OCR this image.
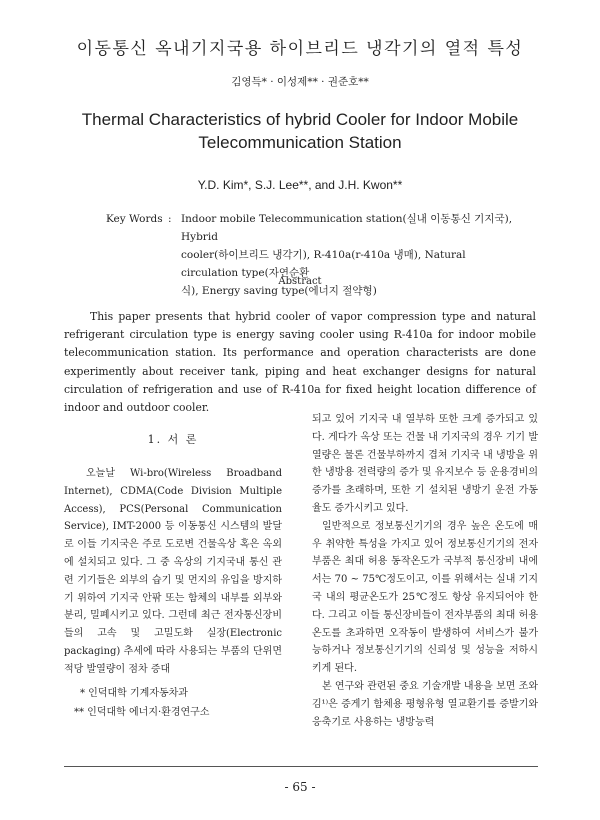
이동통신 옥내기지국용 하이브리드 냉각기의 열적 특성
김영득* · 이성제** · 권준호**
Thermal Characteristics of hybrid Cooler for Indoor Mobile
Telecommunication Station
Y.D. Kim*, S.J. Lee**, and J.H. Kwon**
Key Words : Indoor mobile Telecommunication station(실내 이동통신 기지국), Hybrid
cooler(하이브리드 냉각기), R-410a(r-410a 냉매), Natural circulation type(자연순환
식), Energy saving type(에너지 절약형)
Abstract

This paper presents that hybrid cooler of vapor compression type and natural refrigerant circulation type is energy saving cooler using R-410a for indoor mobile telecommunication station. Its performance and operation characterists are done experimently about receiver tank, piping and heat exchanger designs for natural circulation of refrigeration and use of R-410a for fixed height location difference of indoor and outdoor cooler.

1. 서 론

오늘날 Wi-bro(Wireless Broadband Internet), CDMA(Code Division Multiple Access), PCS(Personal Communication Service), IMT-2000 등 이동통신 시스템의 발달로 이들 기지국은 주로 도로변 건물옥상 혹은 옥외에 설치되고 있다. 그 중 옥상의 기지국내 통신 관련 기기들은 외부의 습기 및 먼지의 유입을 방지하기 위하여 기지국 안팎 또는 함체의 내부를 외부와 분리, 밀폐시키고 있다. 그런데 최근 전자통신장비들의 고속 및 고밀도화 실장(Electronic packaging) 추세에 따라 사용되는 부품의 단위면적당 발열량이 점차 증대

* 인덕대학 기계자동차과

** 인덕대학 에너지·환경연구소

되고 있어 기지국 내 열부하 또한 크게 증가되고 있다. 게다가 옥상 또는 건물 내 기지국의 경우 기기 발열량은 물론 건물부하까지 겹쳐 기지국 내 냉방을 위한 냉방용 전력량의 증가 및 유지보수 등 운용경비의 증가를 초래하며, 또한 기 설치된 냉방기 운전 가동율도 증가시키고 있다.

일반적으로 정보통신기기의 경우 높은 온도에 매우 취약한 특성을 가지고 있어 정보통신기기의 전자부품은 최대 허용 동작온도가 국부적 통신장비 내에서는 70 ~ 75℃정도이고, 이를 위해서는 실내 기지국 내의 평균온도가 25℃정도 항상 유지되어야 한다. 그리고 이들 통신장비들이 전자부품의 최대 허용온도를 초과하면 오작동이 발생하여 서비스가 불가능하거나 정보통신기기의 신뢰성 및 성능을 저하시키게 된다.

본 연구와 관련된 중요 기술개발 내용을 보면 조와 김¹⁾은 증게기 함체용 평형유형 열교환기를 증발기와 응축기로 사용하는 냉방능력

- 65 -
